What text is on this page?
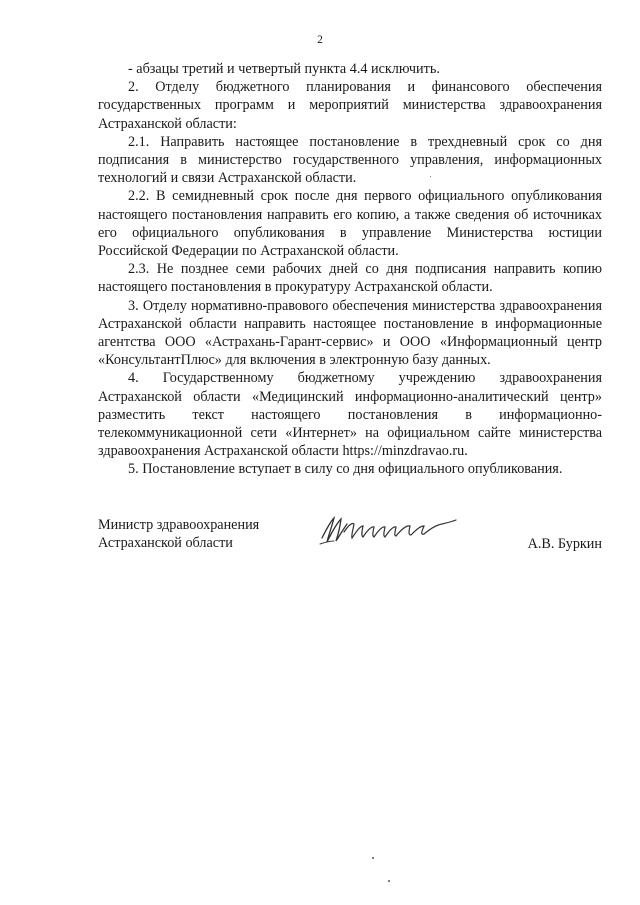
2

- абзацы третий и четвертый пункта 4.4 исключить.

2. Отделу бюджетного планирования и финансового обеспечения государственных программ и мероприятий министерства здравоохранения Астраханской области:

2.1. Направить настоящее постановление в трехдневный срок со дня подписания в министерство государственного управления, информационных технологий и связи Астраханской области.

2.2. В семидневный срок после дня первого официального опубликования настоящего постановления направить его копию, а также сведения об источниках его официального опубликования в управление Министерства юстиции Российской Федерации по Астраханской области.

2.3. Не позднее семи рабочих дней со дня подписания направить копию настоящего постановления в прокуратуру Астраханской области.

3. Отделу нормативно-правового обеспечения министерства здравоохранения Астраханской области направить настоящее постановление в информационные агентства ООО «Астрахань-Гарант-сервис» и ООО «Информационный центр «КонсультантПлюс» для включения в электронную базу данных.

4. Государственному бюджетному учреждению здравоохранения Астраханской области «Медицинский информационно-аналитический центр» разместить текст настоящего постановления в информационно-телекоммуникационной сети «Интернет» на официальном сайте министерства здравоохранения Астраханской области https://minzdravao.ru.

5. Постановление вступает в силу со дня официального опубликования.

Министр здравоохранения
Астраханской области	А.В. Буркин
